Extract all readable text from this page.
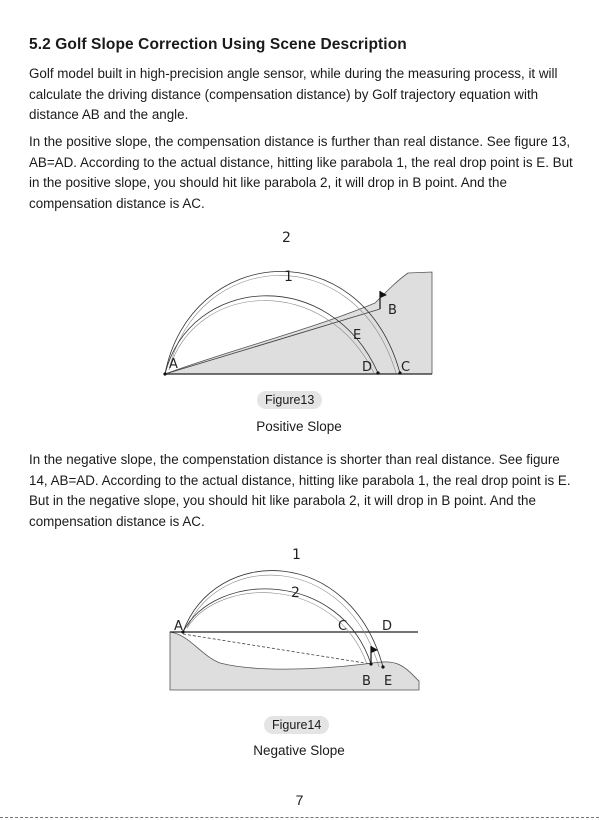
5.2 Golf Slope Correction Using Scene Description

Golf model built in high-precision angle sensor, while during the measuring process, it will calculate the driving distance (compensation distance) by Golf trajectory equation with distance AB and the angle.

In the positive slope, the compensation distance is further than real distance. See figure 13, AB=AD. According to the actual distance, hitting like parabola 1, the real drop point is E. But in the positive slope, you should hit like parabola 2, it will drop in B point. And the compensation distance is AC.

2
1
A
B
E
D C
Figure13
Positive Slope

In the negative slope, the compenstation distance is shorter than real distance. See figure 14, AB=AD. According to the actual distance, hitting like parabola 1, the real drop point is E. But in the negative slope, you should hit like parabola 2, it will drop in B point. And the compensation distance is AC.

1
2
A	C	D
B E
Figure14
Negative Slope
7
